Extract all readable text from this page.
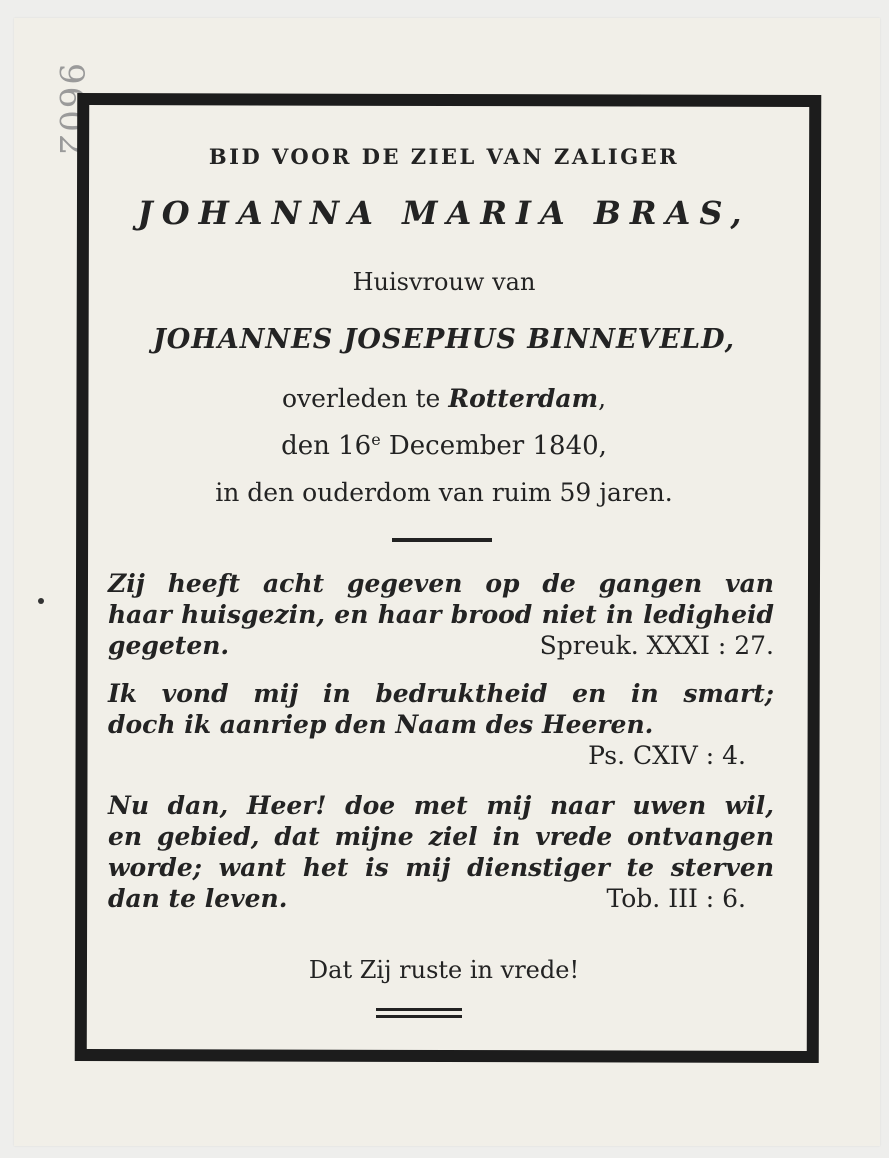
9602	BID VOOR DE ZIEL VAN ZALIGER
JOHANNA MARIA BRAS,
Huisvrouw van
JOHANNES JOSEPHUS BINNEVELD,
overleden te Rotterdam,
den 16e December 1840,
in den ouderdom van ruim 59 jaren.
Zij heeft acht gegeven op de gangen van
haar huisgezin, en haar brood niet in ledigheid
gegeten.	Spreuk. XXXI : 27.
Ik vond mij in bedruktheid en in smart;
doch ik aanriep den Naam des Heeren.
Ps. CXIV : 4.
Nu dan, Heer! doe met mij naar uwen wil,
en gebied, dat mijne ziel in vrede ontvangen
worde; want het is mij dienstiger te sterven
dan te leven.	Tob. III : 6.
Dat Zij ruste in vrede!
